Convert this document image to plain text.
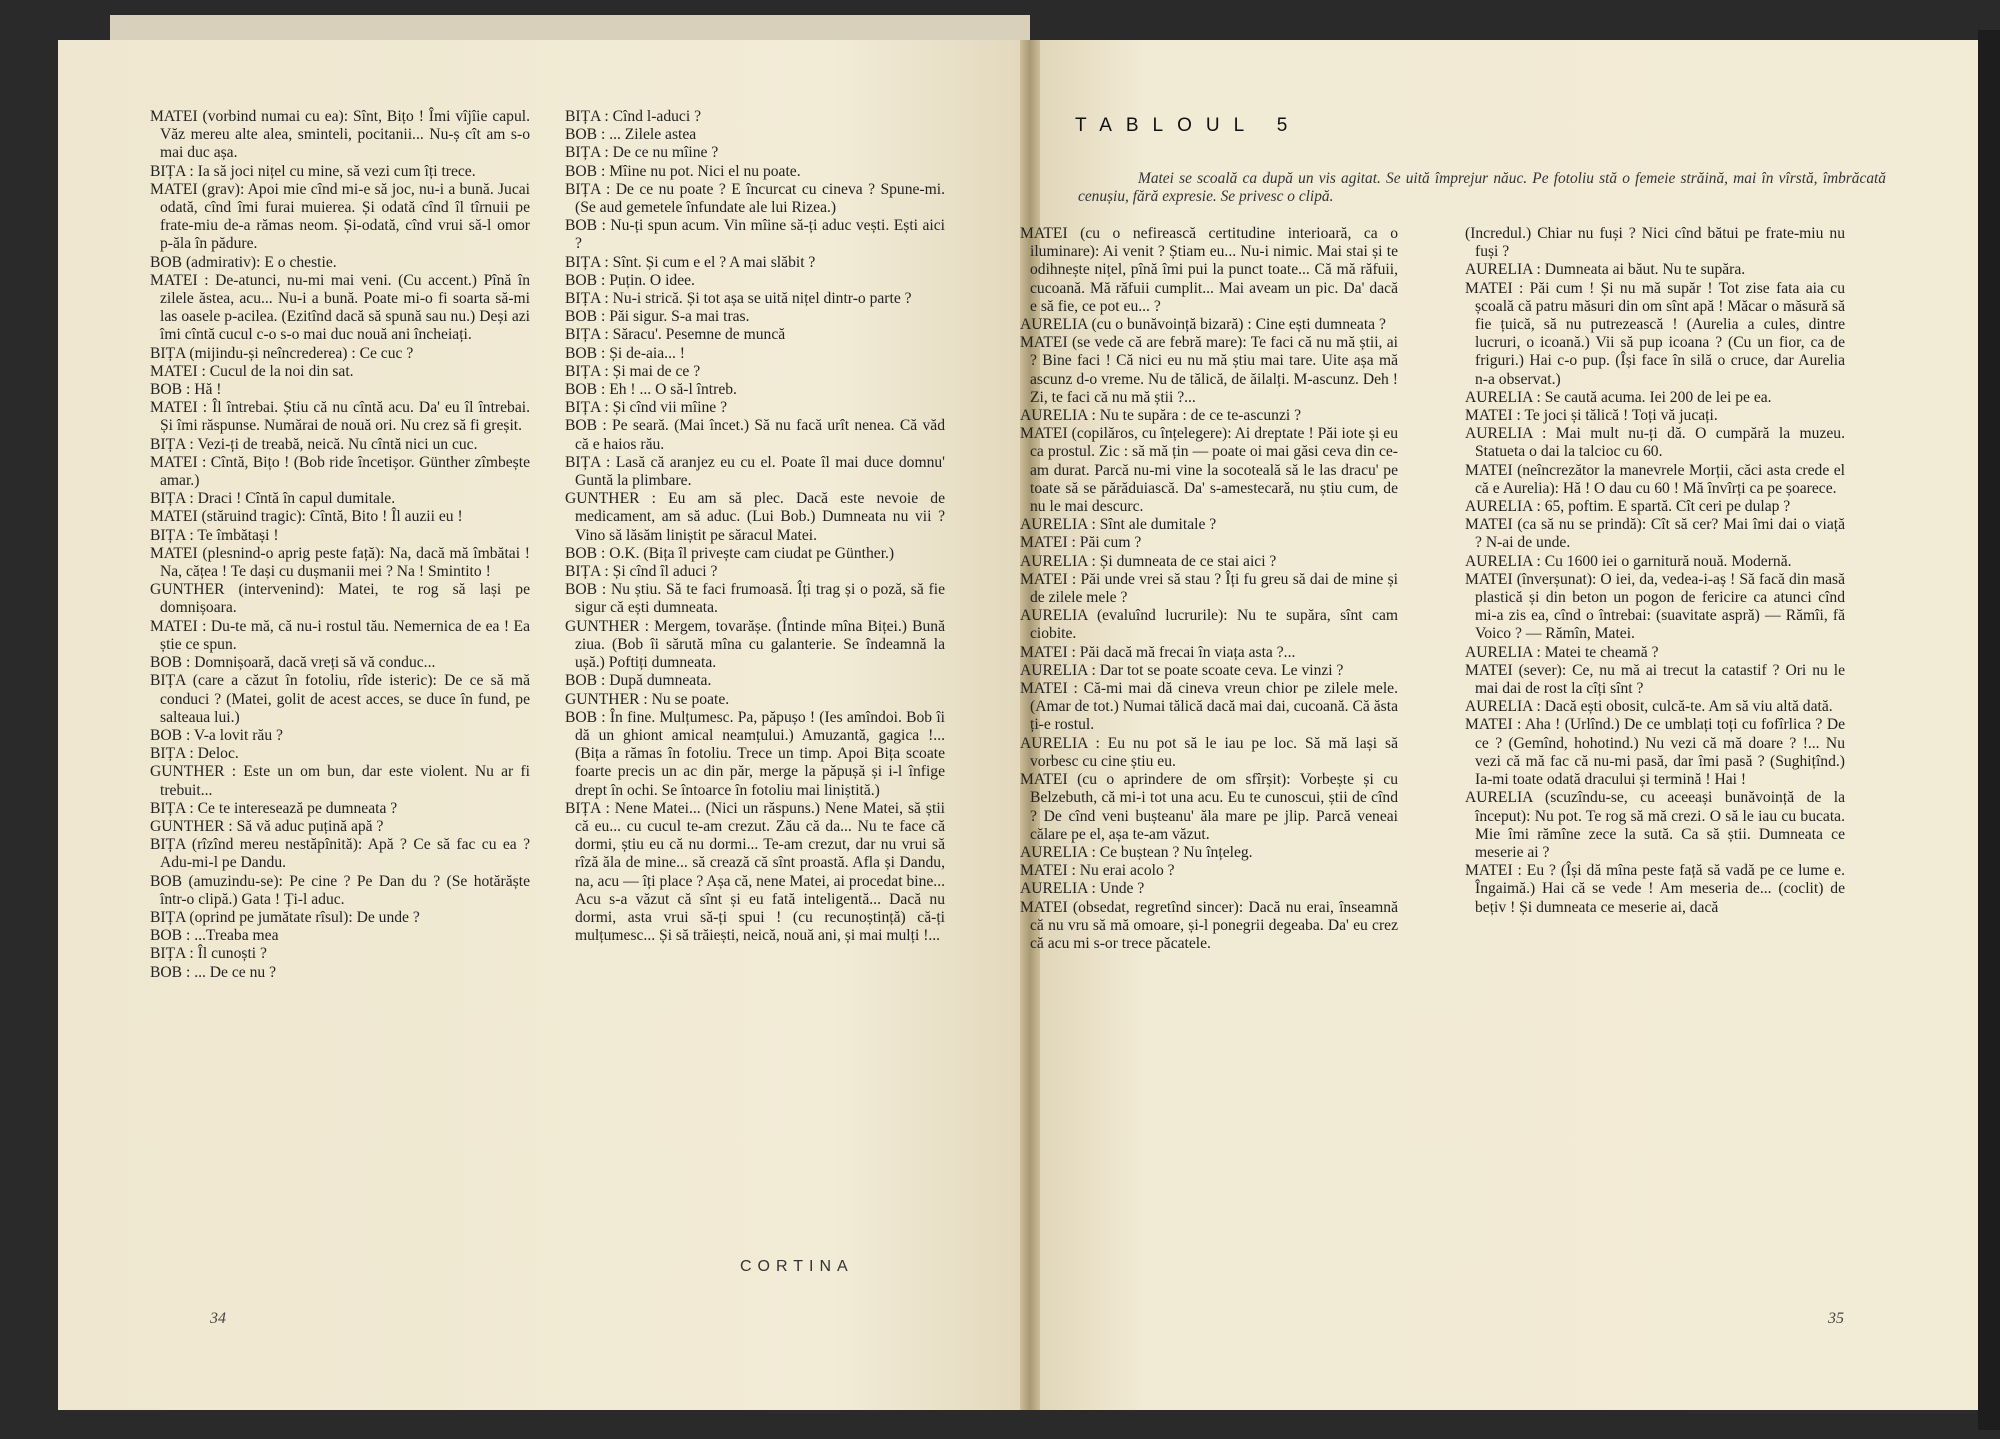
MATEI (vorbind numai cu ea): Sînt, Bițo ! Îmi vîjîie capul. Văz mereu alte alea, sminteli, pocitanii... Nu-ș cît am s-o mai duc așa.

BIȚA : Ia să joci nițel cu mine, să vezi cum îți trece.

MATEI (grav): Apoi mie cînd mi-e să joc, nu-i a bună. Jucai odată, cînd îmi furai muierea. Și odată cînd îl tîrnuii pe frate-miu de-a rămas neom. Și-odată, cînd vrui să-l omor p-ăla în pădure.

BOB (admirativ): E o chestie.

MATEI : De-atunci, nu-mi mai veni. (Cu accent.) Pînă în zilele ăstea, acu... Nu-i a bună. Poate mi-o fi soarta să-mi las oasele p-acilea. (Ezitînd dacă să spună sau nu.) Deși azi îmi cîntă cucul c-o s-o mai duc nouă ani încheiați.

BIȚA (mijindu-și neîncrederea) : Ce cuc ?

MATEI : Cucul de la noi din sat.

BOB : Hă !

MATEI : Îl întrebai. Știu că nu cîntă acu. Da' eu îl întrebai. Și îmi răspunse. Numărai de nouă ori. Nu crez să fi greșit.

BIȚA : Vezi-ți de treabă, neică. Nu cîntă nici un cuc.

MATEI : Cîntă, Bițo ! (Bob ride încetișor. Günther zîmbește amar.)

BIȚA : Draci ! Cîntă în capul dumitale.

MATEI (stăruind tragic): Cîntă, Bito ! Îl auzii eu !

BIȚA : Te îmbătași !

MATEI (plesnind-o aprig peste față): Na, dacă mă îmbătai ! Na, cățea ! Te dași cu dușmanii mei ? Na ! Smintito !

GUNTHER (intervenind): Matei, te rog să lași pe domnișoara.

MATEI : Du-te mă, că nu-i rostul tău. Nemernica de ea ! Ea știe ce spun.

BOB : Domnișoară, dacă vreți să vă conduc...

BIȚA (care a căzut în fotoliu, rîde isteric): De ce să mă conduci ? (Matei, golit de acest acces, se duce în fund, pe salteaua lui.)

BOB : V-a lovit rău ?

BIȚA : Deloc.

GUNTHER : Este un om bun, dar este violent. Nu ar fi trebuit...

BIȚA : Ce te interesează pe dumneata ?

GUNTHER : Să vă aduc puțină apă ?

BIȚA (rîzînd mereu nestăpînită): Apă ? Ce să fac cu ea ? Adu-mi-l pe Dandu.

BOB (amuzindu-se): Pe cine ? Pe Dan du ? (Se hotărăște într-o clipă.) Gata ! Ți-l aduc.

BIȚA (oprind pe jumătate rîsul): De unde ?

BOB : ...Treaba mea

BIȚA : Îl cunoști ?

BOB : ... De ce nu ?

BIȚA : Cînd l-aduci ?

BOB : ... Zilele astea

BIȚA : De ce nu mîine ?

BOB : Mîine nu pot. Nici el nu poate.

BIȚA : De ce nu poate ? E încurcat cu cineva ? Spune-mi. (Se aud gemetele înfundate ale lui Rizea.)

BOB : Nu-ți spun acum. Vin mîine să-ți aduc vești. Ești aici ?

BIȚA : Sînt. Și cum e el ? A mai slăbit ?

BOB : Puțin. O idee.

BIȚA : Nu-i strică. Și tot așa se uită nițel dintr-o parte ?

BOB : Păi sigur. S-a mai tras.

BIȚA : Săracu'. Pesemne de muncă

BOB : Și de-aia... !

BIȚA : Și mai de ce ?

BOB : Eh ! ... O să-l întreb.

BIȚA : Și cînd vii mîine ?

BOB : Pe seară. (Mai încet.) Să nu facă urît nenea. Că văd că e haios rău.

BIȚA : Lasă că aranjez eu cu el. Poate îl mai duce domnu' Guntă la plimbare.

GUNTHER : Eu am să plec. Dacă este nevoie de medicament, am să aduc. (Lui Bob.) Dumneata nu vii ? Vino să lăsăm liniștit pe săracul Matei.

BOB : O.K. (Bița îl privește cam ciudat pe Günther.)

BIȚA : Și cînd îl aduci ?

BOB : Nu știu. Să te faci frumoasă. Îți trag și o poză, să fie sigur că ești dumneata.

GUNTHER : Mergem, tovarășe. (Întinde mîna Biței.) Bună ziua. (Bob îi sărută mîna cu galanterie. Se îndeamnă la ușă.) Poftiți dumneata.

BOB : După dumneata.

GUNTHER : Nu se poate.

BOB : În fine. Mulțumesc. Pa, păpușo ! (Ies amîndoi. Bob îi dă un ghiont amical neamțului.) Amuzantă, gagica !... (Bița a rămas în fotoliu. Trece un timp. Apoi Bița scoate foarte precis un ac din păr, merge la păpușă și i-l înfige drept în ochi. Se întoarce în fotoliu mai liniștită.)

BIȚA : Nene Matei... (Nici un răspuns.) Nene Matei, să știi că eu... cu cucul te-am crezut. Zău că da... Nu te face că dormi, știu eu că nu dormi... Te-am crezut, dar nu vrui să rîză ăla de mine... să crează că sînt proastă. Afla și Dandu, na, acu — îți place ? Așa că, nene Matei, ai procedat bine... Acu s-a văzut că sînt și eu fată inteligentă... Dacă nu dormi, asta vrui să-ți spui ! (cu recunoștință) că-ți mulțumesc... Și să trăiești, neică, nouă ani, și mai mulți !...

CORTINA
34
TABLOUL 5
Matei se scoală ca după un vis agitat. Se uită împrejur năuc. Pe fotoliu stă o femeie străină, mai în vîrstă, îmbrăcată cenușiu, fără expresie. Se privesc o clipă.

MATEI (cu o nefirească certitudine interioară, ca o iluminare): Ai venit ? Știam eu... Nu-i nimic. Mai stai și te odihnește nițel, pînă îmi pui la punct toate... Că mă răfuii, cucoană. Mă răfuii cumplit... Mai aveam un pic. Da' dacă e să fie, ce pot eu... ?

AURELIA (cu o bunăvoință bizară) : Cine ești dumneata ?

MATEI (se vede că are febră mare): Te faci că nu mă știi, ai ? Bine faci ! Că nici eu nu mă știu mai tare. Uite așa mă ascunz d-o vreme. Nu de tălică, de ăilalți. M-ascunz. Deh ! Zi, te faci că nu mă știi ?...

AURELIA : Nu te supăra : de ce te-ascunzi ?

MATEI (copilăros, cu înțelegere): Ai dreptate ! Păi iote și eu ca prostul. Zic : să mă țin — poate oi mai găsi ceva din ce-am durat. Parcă nu-mi vine la socoteală să le las dracu' pe toate să se părăduiască. Da' s-amestecară, nu știu cum, de nu le mai descurc.

AURELIA : Sînt ale dumitale ?

MATEI : Păi cum ?

AURELIA : Și dumneata de ce stai aici ?

MATEI : Păi unde vrei să stau ? Îți fu greu să dai de mine și de zilele mele ?

AURELIA (evaluînd lucrurile): Nu te supăra, sînt cam ciobite.

MATEI : Păi dacă mă frecai în viața asta ?...

AURELIA : Dar tot se poate scoate ceva. Le vinzi ?

MATEI : Că-mi mai dă cineva vreun chior pe zilele mele. (Amar de tot.) Numai tălică dacă mai dai, cucoană. Că ăsta ți-e rostul.

AURELIA : Eu nu pot să le iau pe loc. Să mă lași să vorbesc cu cine știu eu.

MATEI (cu o aprindere de om sfîrșit): Vorbește și cu Belzebuth, că mi-i tot una acu. Eu te cunoscui, știi de cînd ? De cînd veni bușteanu' ăla mare pe jlip. Parcă veneai călare pe el, așa te-am văzut.

AURELIA : Ce buștean ? Nu înțeleg.

MATEI : Nu erai acolo ?

AURELIA : Unde ?

MATEI (obsedat, regretînd sincer): Dacă nu erai, înseamnă că nu vru să mă omoare, și-l ponegrii degeaba. Da' eu crez că acu mi s-or trece păcatele.

(Incredul.) Chiar nu fuși ? Nici cînd bătui pe frate-miu nu fuși ?

AURELIA : Dumneata ai băut. Nu te supăra.

MATEI : Păi cum ! Și nu mă supăr ! Tot zise fata aia cu școală că patru măsuri din om sînt apă ! Măcar o măsură să fie țuică, să nu putrezească ! (Aurelia a cules, dintre lucruri, o icoană.) Vii să pup icoana ? (Cu un fior, ca de friguri.) Hai c-o pup. (Își face în silă o cruce, dar Aurelia n-a observat.)

AURELIA : Se caută acuma. Iei 200 de lei pe ea.

MATEI : Te joci și tălică ! Toți vă jucați.

AURELIA : Mai mult nu-ți dă. O cumpără la muzeu. Statueta o dai la talcioc cu 60.

MATEI (neîncrezător la manevrele Morții, căci asta crede el că e Aurelia): Hă ! O dau cu 60 ! Mă învîrți ca pe șoarece.

AURELIA : 65, poftim. E spartă. Cît ceri pe dulap ?

MATEI (ca să nu se prindă): Cît să cer? Mai îmi dai o viață ? N-ai de unde.

AURELIA : Cu 1600 iei o garnitură nouă. Modernă.

MATEI (înverșunat): O iei, da, vedea-i-aș ! Să facă din masă plastică și din beton un pogon de fericire ca atunci cînd mi-a zis ea, cînd o întrebai: (suavitate aspră) — Rămîi, fă Voico ? — Rămîn, Matei.

AURELIA : Matei te cheamă ?

MATEI (sever): Ce, nu mă ai trecut la catastif ? Ori nu le mai dai de rost la cîți sînt ?

AURELIA : Dacă ești obosit, culcă-te. Am să viu altă dată.

MATEI : Aha ! (Urlînd.) De ce umblați toți cu fofîrlica ? De ce ? (Gemînd, hohotind.) Nu vezi că mă doare ? !... Nu vezi că mă fac că nu-mi pasă, dar îmi pasă ? (Sughițînd.) Ia-mi toate odată dracului și termină ! Hai !

AURELIA (scuzîndu-se, cu aceeași bunăvoință de la început): Nu pot. Te rog să mă crezi. O să le iau cu bucata. Mie îmi rămîne zece la sută. Ca să știi. Dumneata ce meserie ai ?

MATEI : Eu ? (Își dă mîna peste față să vadă pe ce lume e. Îngaimă.) Hai că se vede ! Am meseria de... (coclit) de bețiv ! Și dumneata ce meserie ai, dacă

35
